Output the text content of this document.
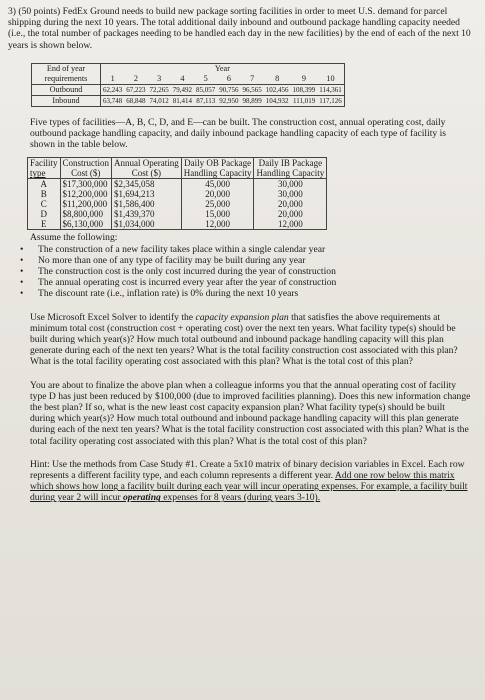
3) (50 points) FedEx Ground needs to build new package sorting facilities in order to meet U.S. demand for parcel shipping during the next 10 years. The total additional daily inbound and outbound package handling capacity needed (i.e., the total number of packages needing to be handled each day in the new facilities) by the end of each of the next 10 years is shown below.

End of year	Year									
requirements	1	2	3	4	5	6	7	8	9	10
Outbound	62,243	67,223	72,265	79,492	85,057	90,756	96,565	102,456	108,399	114,361
Inbound	63,748	68,848	74,012	81,414	87,113	92,950	98,899	104,932	111,019	117,126

Five types of facilities—A, B, C, D, and E—can be built. The construction cost, annual operating cost, daily outbound package handling capacity, and daily inbound package handling capacity of each type of facility is shown in the table below.

Facility
type	Construction
Cost ($)	Annual Operating
Cost ($)	Daily OB Package
Handling Capacity	Daily IB Package
Handling Capacity
A	$17,300,000	$2,345,058	45,000	30,000
B	$12,200,000	$1,694,213	20,000	30,000
C	$11,200,000	$1,586,400	25,000	20,000
D	$8,800,000	$1,439,370	15,000	20,000
E	$6,130,000	$1,034,000	12,000	12,000

Assume the following:

• The construction of a new facility takes place within a single calendar year
• No more than one of any type of facility may be built during any year
• The construction cost is the only cost incurred during the year of construction
• The annual operating cost is incurred every year after the year of construction
• The discount rate (i.e., inflation rate) is 0% during the next 10 years

Use Microsoft Excel Solver to identify the capacity expansion plan that satisfies the above requirements at minimum total cost (construction cost + operating cost) over the next ten years. What facility type(s) should be built during which year(s)? How much total outbound and inbound package handling capacity will this plan generate during each of the next ten years? What is the total facility construction cost associated with this plan? What is the total facility operating cost associated with this plan? What is the total cost of this plan?

You are about to finalize the above plan when a colleague informs you that the annual operating cost of facility type D has just been reduced by $100,000 (due to improved facilities planning). Does this new information change the best plan? If so, what is the new least cost capacity expansion plan? What facility type(s) should be built during which year(s)? How much total outbound and inbound package handling capacity will this plan generate during each of the next ten years? What is the total facility construction cost associated with this plan? What is the total facility operating cost associated with this plan? What is the total cost of this plan?

Hint: Use the methods from Case Study #1. Create a 5x10 matrix of binary decision variables in Excel. Each row represents a different facility type, and each column represents a different year. Add one row below this matrix which shows how long a facility built during each year will incur operating expenses. For example, a facility built during year 2 will incur operating expenses for 8 years (during years 3-10).
